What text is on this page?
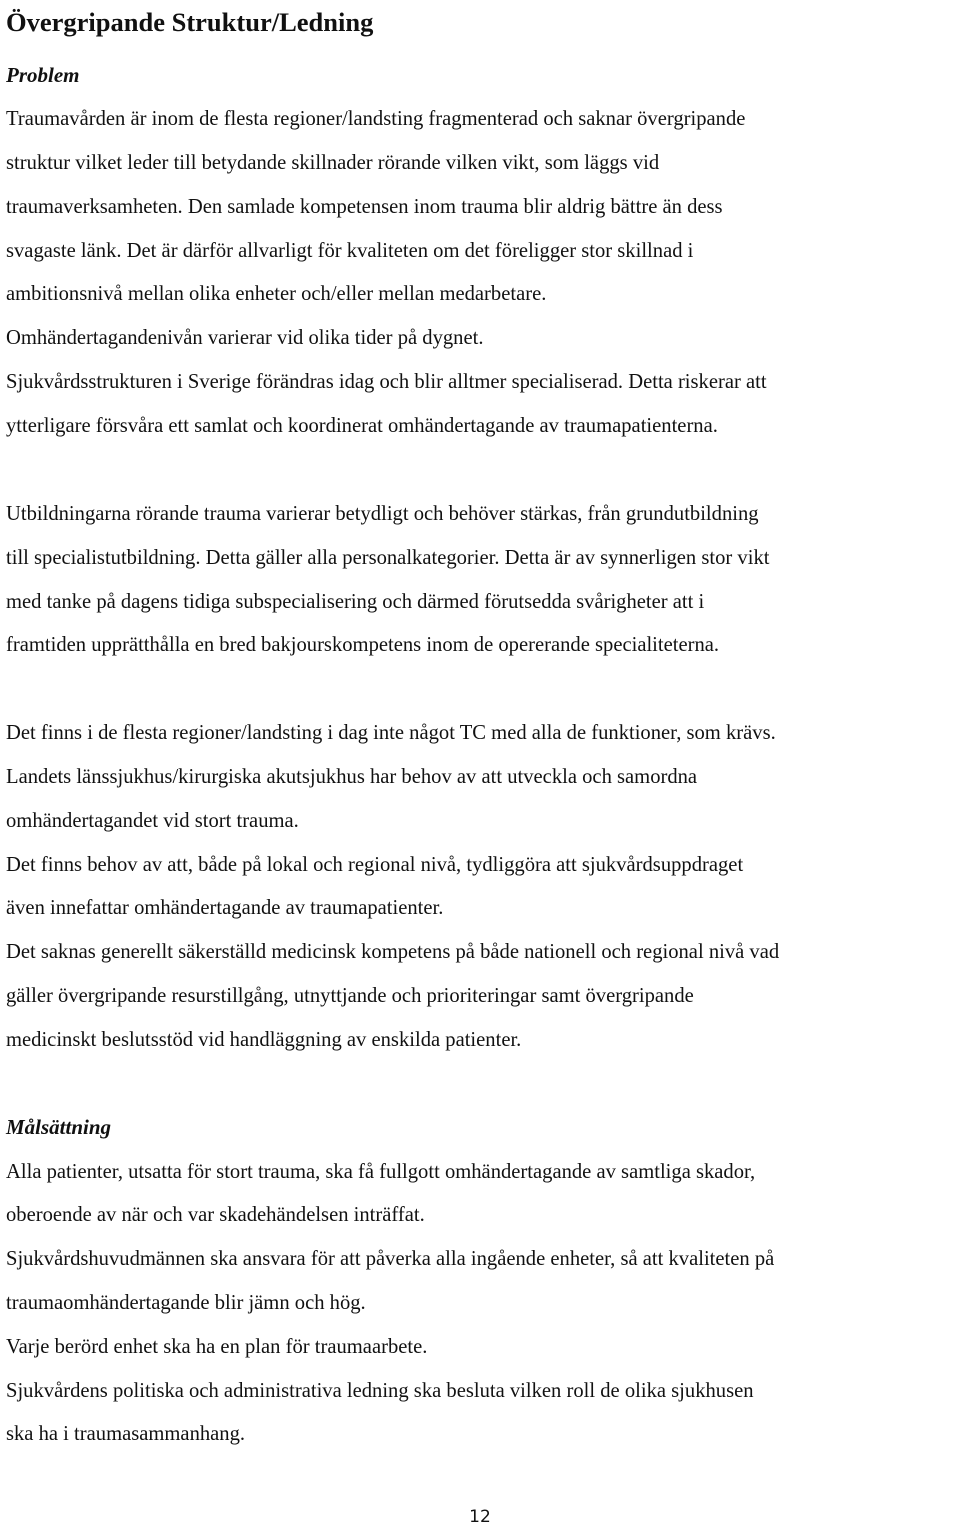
Övergripande Struktur/Ledning
Problem

Traumavården är inom de flesta regioner/landsting fragmenterad och saknar övergripande

struktur vilket leder till betydande skillnader rörande vilken vikt, som läggs vid

traumaverksamheten. Den samlade kompetensen inom trauma blir aldrig bättre än dess

svagaste länk. Det är därför allvarligt för kvaliteten om det föreligger stor skillnad i

ambitionsnivå mellan olika enheter och/eller mellan medarbetare.

Omhändertagandenivån varierar vid olika tider på dygnet.

Sjukvårdsstrukturen i Sverige förändras idag och blir alltmer specialiserad. Detta riskerar att

ytterligare försvåra ett samlat och koordinerat omhändertagande av traumapatienterna.

Utbildningarna rörande trauma varierar betydligt och behöver stärkas, från grundutbildning

till specialistutbildning. Detta gäller alla personalkategorier. Detta är av synnerligen stor vikt

med tanke på dagens tidiga subspecialisering och därmed förutsedda svårigheter att i

framtiden upprätthålla en bred bakjourskompetens inom de opererande specialiteterna.

Det finns i de flesta regioner/landsting i dag inte något TC med alla de funktioner, som krävs.

Landets länssjukhus/kirurgiska akutsjukhus har behov av att utveckla och samordna

omhändertagandet vid stort trauma.

Det finns behov av att, både på lokal och regional nivå, tydliggöra att sjukvårdsuppdraget

även innefattar omhändertagande av traumapatienter.

Det saknas generellt säkerställd medicinsk kompetens på både nationell och regional nivå vad

gäller övergripande resurstillgång, utnyttjande och prioriteringar samt övergripande

medicinskt beslutsstöd vid handläggning av enskilda patienter.

Målsättning

Alla patienter, utsatta för stort trauma, ska få fullgott omhändertagande av samtliga skador,

oberoende av när och var skadehändelsen inträffat.

Sjukvårdshuvudmännen ska ansvara för att påverka alla ingående enheter, så att kvaliteten på

traumaomhändertagande blir jämn och hög.

Varje berörd enhet ska ha en plan för traumaarbete.

Sjukvårdens politiska och administrativa ledning ska besluta vilken roll de olika sjukhusen

ska ha i traumasammanhang.

12
